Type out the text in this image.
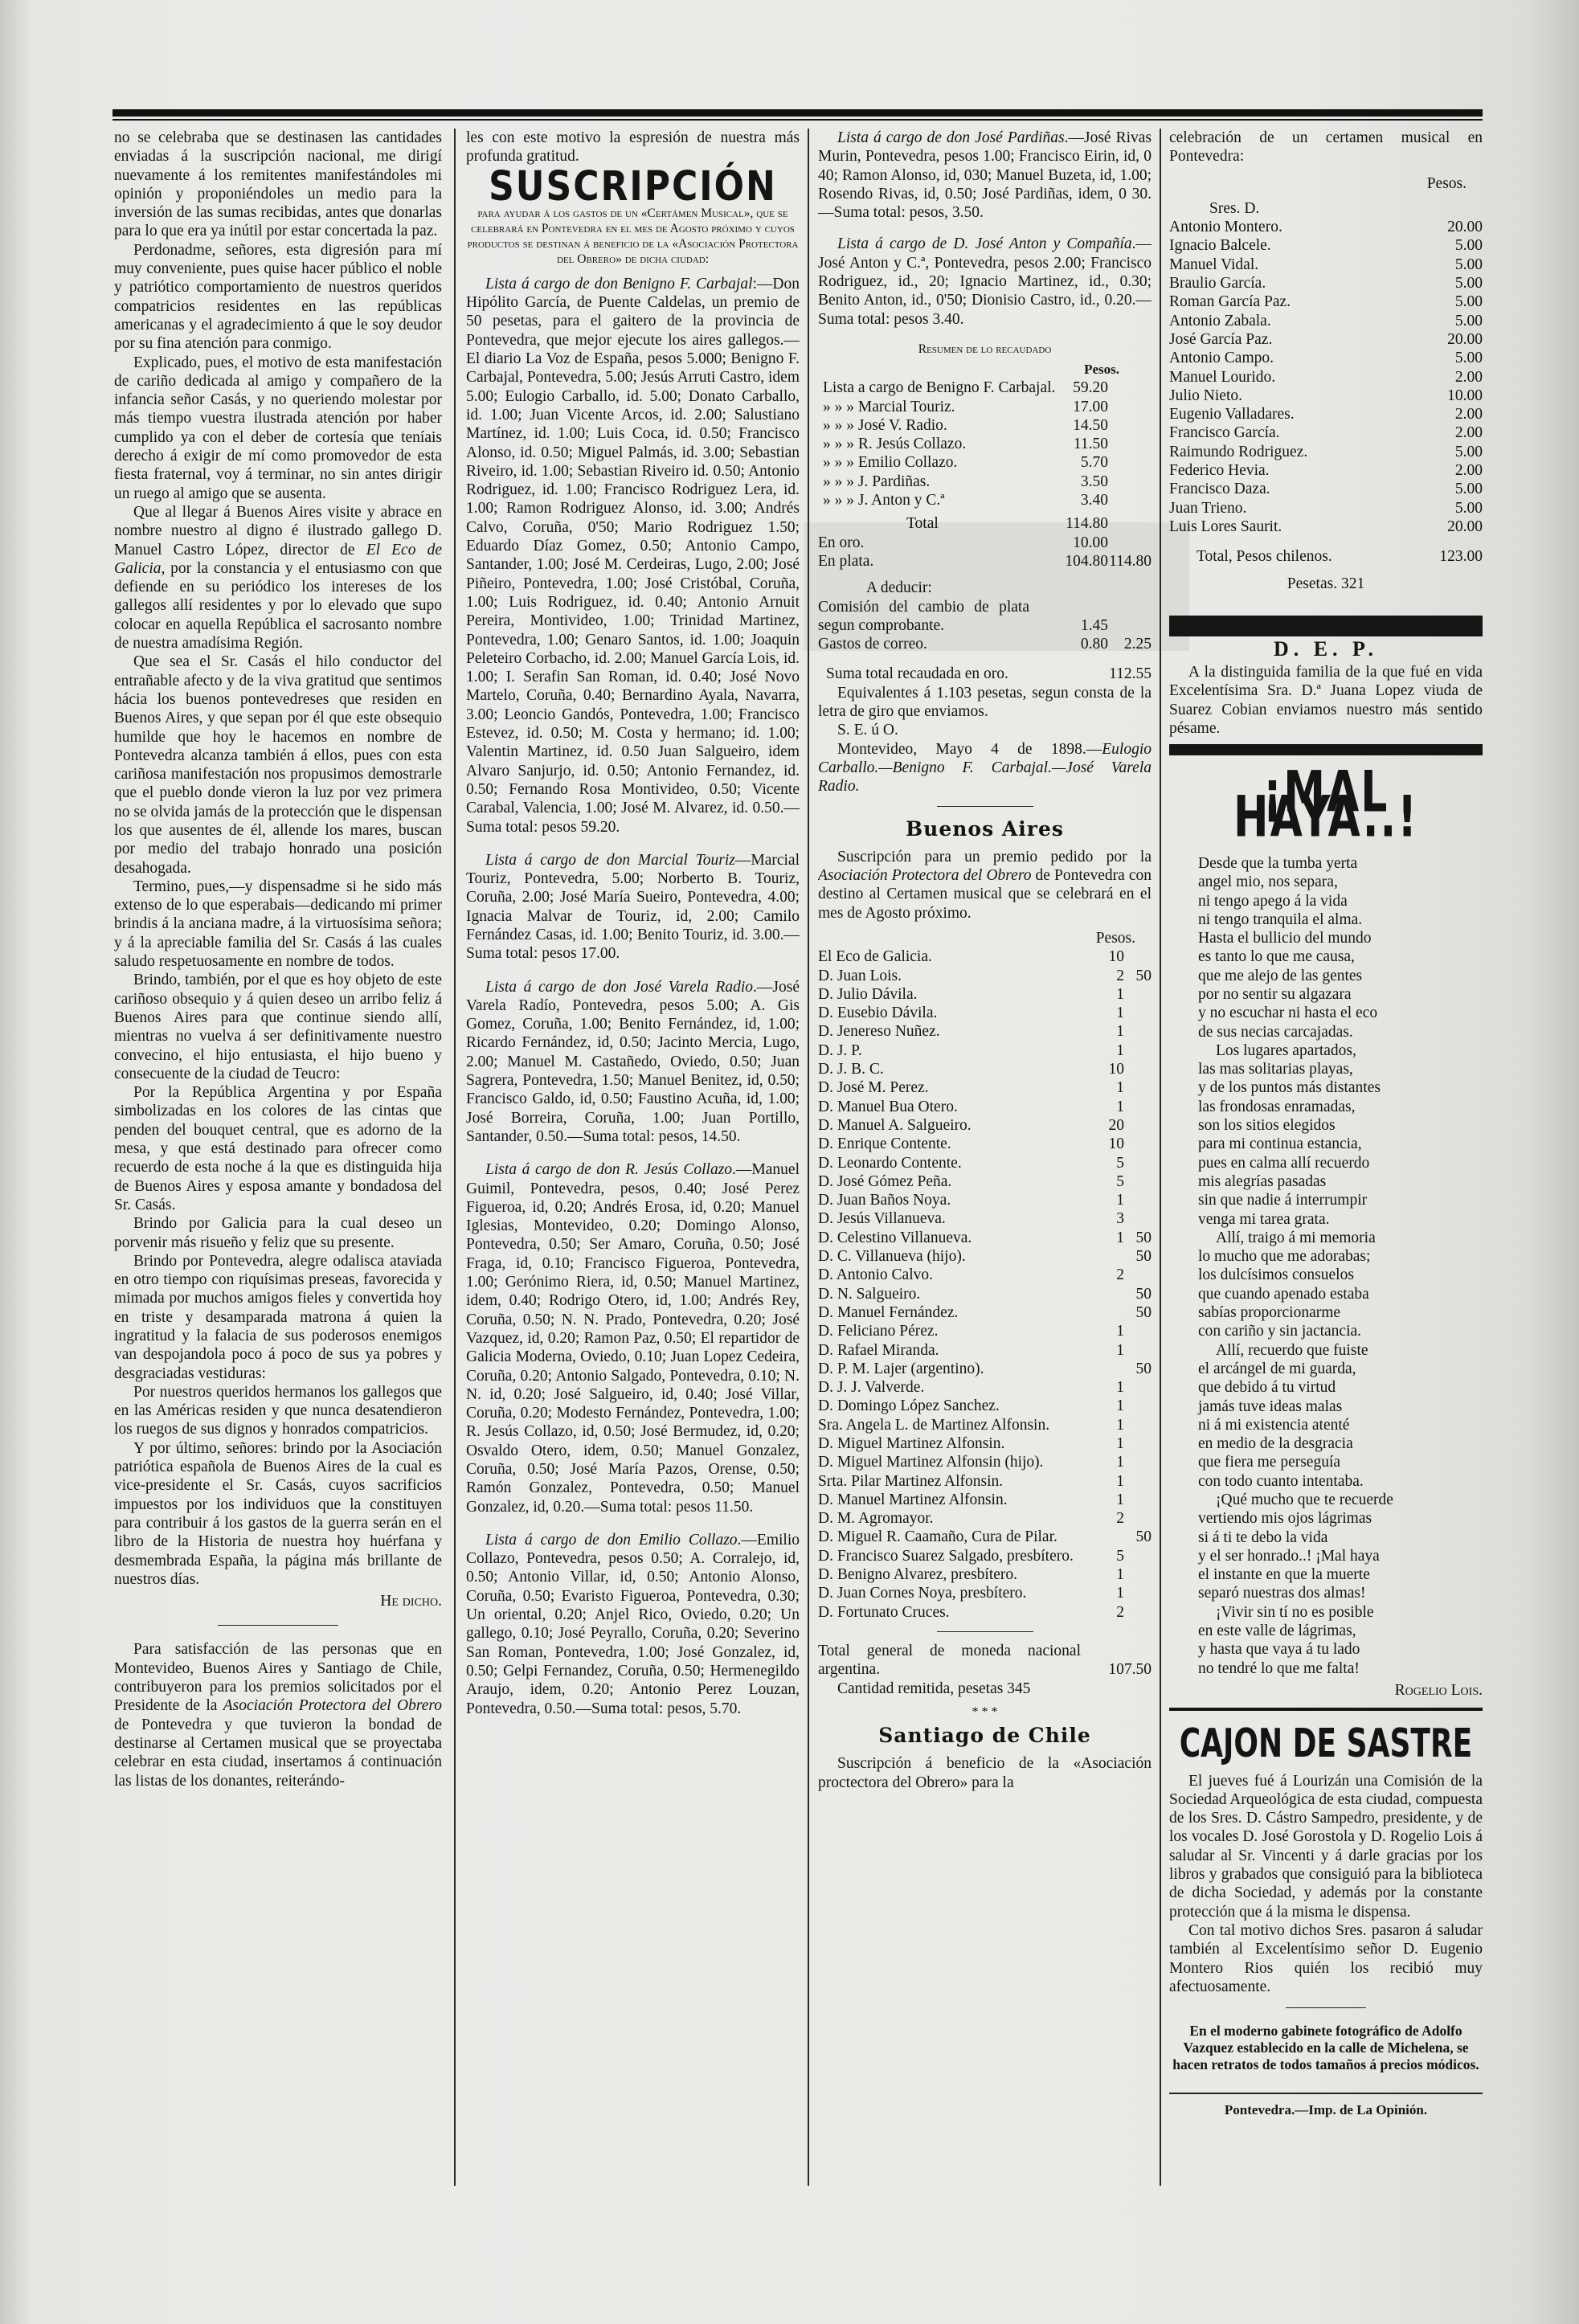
no se celebraba que se destinasen las cantidades enviadas á la suscripción nacional, me dirigí nuevamente á los remitentes manifestándoles mi opinión y proponiéndoles un medio para la inversión de las sumas recibidas, antes que donarlas para lo que era ya inútil por estar concertada la paz.

Perdonadme, señores, esta digresión para mí muy conveniente, pues quise hacer público el noble y patriótico comportamiento de nuestros queridos compatricios residentes en las repúblicas americanas y el agradecimiento á que le soy deudor por su fina atención para conmigo.

Explicado, pues, el motivo de esta manifestación de cariño dedicada al amigo y compañero de la infancia señor Casás, y no queriendo molestar por más tiempo vuestra ilustrada atención por haber cumplido ya con el deber de cortesía que teníais derecho á exigir de mí como promovedor de esta fiesta fraternal, voy á terminar, no sin antes dirigir un ruego al amigo que se ausenta.

Que al llegar á Buenos Aires visite y abrace en nombre nuestro al digno é ilustrado gallego D. Manuel Castro López, director de El Eco de Galicia, por la constancia y el entusiasmo con que defiende en su periódico los intereses de los gallegos allí residentes y por lo elevado que supo colocar en aquella República el sacrosanto nombre de nuestra amadísima Región.

Que sea el Sr. Casás el hilo conductor del entrañable afecto y de la viva gratitud que sentimos hácia los buenos pontevedreses que residen en Buenos Aires, y que sepan por él que este obsequio humilde que hoy le hacemos en nombre de Pontevedra alcanza también á ellos, pues con esta cariñosa manifestación nos propusimos demostrarle que el pueblo donde vieron la luz por vez primera no se olvida jamás de la protección que le dispensan los que ausentes de él, allende los mares, buscan por medio del trabajo honrado una posición desahogada.

Termino, pues,—y dispensadme si he sido más extenso de lo que esperabais—dedicando mi primer brindis á la anciana madre, á la virtuosísima señora; y á la apreciable familia del Sr. Casás á las cuales saludo respetuosamente en nombre de todos.

Brindo, también, por el que es hoy objeto de este cariñoso obsequio y á quien deseo un arribo feliz á Buenos Aires para que continue siendo allí, mientras no vuelva á ser definitivamente nuestro convecino, el hijo entusiasta, el hijo bueno y consecuente de la ciudad de Teucro:

Por la República Argentina y por España simbolizadas en los colores de las cintas que penden del bouquet central, que es adorno de la mesa, y que está destinado para ofrecer como recuerdo de esta noche á la que es distinguida hija de Buenos Aires y esposa amante y bondadosa del Sr. Casás.

Brindo por Galicia para la cual deseo un porvenir más risueño y feliz que su presente.

Brindo por Pontevedra, alegre odalisca ataviada en otro tiempo con riquísimas preseas, favorecida y mimada por muchos amigos fieles y convertida hoy en triste y desamparada matrona á quien la ingratitud y la falacia de sus poderosos enemigos van despojandola poco á poco de sus ya pobres y desgraciadas vestiduras:

Por nuestros queridos hermanos los gallegos que en las Américas residen y que nunca desatendieron los ruegos de sus dignos y honrados compatricios.

Y por último, señores: brindo por la Asociación patriótica española de Buenos Aires de la cual es vice-presidente el Sr. Casás, cuyos sacrificios impuestos por los individuos que la constituyen para contribuir á los gastos de la guerra serán en el libro de la Historia de nuestra hoy huérfana y desmembrada España, la página más brillante de nuestros días.

He dicho.

Para satisfacción de las personas que en Montevideo, Buenos Aires y Santiago de Chile, contribuyeron para los premios solicitados por el Presidente de la Asociación Protectora del Obrero de Pontevedra y que tuvieron la bondad de destinarse al Certamen musical que se proyectaba celebrar en esta ciudad, insertamos á continuación las listas de los donantes, reiterándo-

les con este motivo la espresión de nuestra más profunda gratitud.

SUSCRIPCIÓN
para ayudar á los gastos de un «Certámen Musical», que se celebrará en Pontevedra en el mes de Agosto próximo y cuyos productos se destinan á beneficio de la «Asociación Protectora del Obrero» de dicha ciudad:

Lista á cargo de don Benigno F. Carbajal:—Don Hipólito García, de Puente Caldelas, un premio de 50 pesetas, para el gaitero de la provincia de Pontevedra, que mejor ejecute los aires gallegos.—El diario La Voz de España, pesos 5.000; Benigno F. Carbajal, Pontevedra, 5.00; Jesús Arruti Castro, idem 5.00; Eulogio Carballo, id. 5.00; Donato Carballo, id. 1.00; Juan Vicente Arcos, id. 2.00; Salustiano Martínez, id. 1.00; Luis Coca, id. 0.50; Francisco Alonso, id. 0.50; Miguel Palmás, id. 3.00; Sebastian Riveiro, id. 1.00; Sebastian Riveiro id. 0.50; Antonio Rodriguez, id. 1.00; Francisco Rodriguez Lera, id. 1.00; Ramon Rodriguez Alonso, id. 3.00; Andrés Calvo, Coruña, 0'50; Mario Rodriguez 1.50; Eduardo Díaz Gomez, 0.50; Antonio Campo, Santander, 1.00; José M. Cerdeiras, Lugo, 2.00; José Piñeiro, Pontevedra, 1.00; José Cristóbal, Coruña, 1.00; Luis Rodriguez, id. 0.40; Antonio Arnuit Pereira, Montivideo, 1.00; Trinidad Martinez, Pontevedra, 1.00; Genaro Santos, id. 1.00; Joaquin Peleteiro Corbacho, id. 2.00; Manuel García Lois, id. 1.00; I. Serafin San Roman, id. 0.40; José Novo Martelo, Coruña, 0.40; Bernardino Ayala, Navarra, 3.00; Leoncio Gandós, Pontevedra, 1.00; Francisco Estevez, id. 0.50; M. Costa y hermano; id. 1.00; Valentin Martinez, id. 0.50 Juan Salgueiro, idem Alvaro Sanjurjo, id. 0.50; Antonio Fernandez, id. 0.50; Fernando Rosa Montivideo, 0.50; Vicente Carabal, Valencia, 1.00; José M. Alvarez, id. 0.50.—Suma total: pesos 59.20.

Lista á cargo de don Marcial Touriz—Marcial Touriz, Pontevedra, 5.00; Norberto B. Touriz, Coruña, 2.00; José María Sueiro, Pontevedra, 4.00; Ignacia Malvar de Touriz, id, 2.00; Camilo Fernández Casas, id. 1.00; Benito Touriz, id. 3.00.—Suma total: pesos 17.00.

Lista á cargo de don José Varela Radio.—José Varela Radío, Pontevedra, pesos 5.00; A. Gis Gomez, Coruña, 1.00; Benito Fernández, id, 1.00; Ricardo Fernández, id, 0.50; Jacinto Mercia, Lugo, 2.00; Manuel M. Castañedo, Oviedo, 0.50; Juan Sagrera, Pontevedra, 1.50; Manuel Benitez, id, 0.50; Francisco Galdo, id, 0.50; Faustino Acuña, id, 1.00; José Borreira, Coruña, 1.00; Juan Portillo, Santander, 0.50.—Suma total: pesos, 14.50.

Lista á cargo de don R. Jesús Collazo.—Manuel Guimil, Pontevedra, pesos, 0.40; José Perez Figueroa, id, 0.20; Andrés Erosa, id, 0.20; Manuel Iglesias, Montevideo, 0.20; Domingo Alonso, Pontevedra, 0.50; Ser Amaro, Coruña, 0.50; José Fraga, id, 0.10; Francisco Figueroa, Pontevedra, 1.00; Gerónimo Riera, id, 0.50; Manuel Martinez, idem, 0.40; Rodrigo Otero, id, 1.00; Andrés Rey, Coruña, 0.50; N. N. Prado, Pontevedra, 0.20; José Vazquez, id, 0.20; Ramon Paz, 0.50; El repartidor de Galicia Moderna, Oviedo, 0.10; Juan Lopez Cedeira, Coruña, 0.20; Antonio Salgado, Pontevedra, 0.10; N. N. id, 0.20; José Salgueiro, id, 0.40; José Villar, Coruña, 0.20; Modesto Fernández, Pontevedra, 1.00; R. Jesús Collazo, id, 0.50; José Bermudez, id, 0.20; Osvaldo Otero, idem, 0.50; Manuel Gonzalez, Coruña, 0.50; José María Pazos, Orense, 0.50; Ramón Gonzalez, Pontevedra, 0.50; Manuel Gonzalez, id, 0.20.—Suma total: pesos 11.50.

Lista á cargo de don Emilio Collazo.—Emilio Collazo, Pontevedra, pesos 0.50; A. Corralejo, id, 0.50; Antonio Villar, id, 0.50; Antonio Alonso, Coruña, 0.50; Evaristo Figueroa, Pontevedra, 0.30; Un oriental, 0.20; Anjel Rico, Oviedo, 0.20; Un gallego, 0.10; José Peyrallo, Coruña, 0.20; Severino San Roman, Pontevedra, 1.00; José Gonzalez, id, 0.50; Gelpi Fernandez, Coruña, 0.50; Hermenegildo Araujo, idem, 0.20; Antonio Perez Louzan, Pontevedra, 0.50.—Suma total: pesos, 5.70.

Lista á cargo de don José Pardiñas.—José Rivas Murin, Pontevedra, pesos 1.00; Francisco Eirin, id, 0 40; Ramon Alonso, id, 030; Manuel Buzeta, id, 1.00; Rosendo Rivas, id, 0.50; José Pardiñas, idem, 0 30.—Suma total: pesos, 3.50.

Lista á cargo de D. José Anton y Compañía.—José Anton y C.ª, Pontevedra, pesos 2.00; Francisco Rodriguez, id., 20; Ignacio Martinez, id., 0.30; Benito Anton, id., 0'50; Dionisio Castro, id., 0.20.—Suma total: pesos 3.40.

Resumen de lo recaudado
Pesos.
Lista a cargo de Benigno F. Carbajal.	59.20	
» » » Marcial Touriz.	17.00	
» » » José V. Radio.	14.50	
» » » R. Jesús Collazo.	11.50	
» » » Emilio Collazo.	5.70	
» » » J. Pardiñas.	3.50	
» » » J. Anton y C.ª	3.40	
Total	114.80	
En oro.	10.00	
En plata.	104.80	114.80
A deducir:
Comisión del cambio de plata segun comprobante.	1.45	
Gastos de correo.	0.80	2.25
Suma total recaudada en oro.	112.55

Equivalentes á 1.103 pesetas, segun consta de la letra de giro que enviamos.

S. E. ú O.

Montevideo, Mayo 4 de 1898.—Eulogio Carballo.—Benigno F. Carbajal.—José Varela Radio.

Buenos Aires

Suscripción para un premio pedido por la Asociación Protectora del Obrero de Pontevedra con destino al Certamen musical que se celebrará en el mes de Agosto próximo.

Pesos.
El Eco de Galicia.	10	
D. Juan Lois.	2	50
D. Julio Dávila.	1	
D. Eusebio Dávila.	1	
D. Jenereso Nuñez.	1	
D. J. P.	1	
D. J. B. C.	10	
D. José M. Perez.	1	
D. Manuel Bua Otero.	1	
D. Manuel A. Salgueiro.	20	
D. Enrique Contente.	10	
D. Leonardo Contente.	5	
D. José Gómez Peña.	5	
D. Juan Baños Noya.	1	
D. Jesús Villanueva.	3	
D. Celestino Villanueva.	1	50
D. C. Villanueva (hijo).		50
D. Antonio Calvo.	2	
D. N. Salgueiro.		50
D. Manuel Fernández.		50
D. Feliciano Pérez.	1	
D. Rafael Miranda.	1	
D. P. M. Lajer (argentino).		50
D. J. J. Valverde.	1	
D. Domingo López Sanchez.	1	
Sra. Angela L. de Martinez Alfonsin.	1	
D. Miguel Martinez Alfonsin.	1	
D. Miguel Martinez Alfonsin (hijo).	1	
Srta. Pilar Martinez Alfonsin.	1	
D. Manuel Martinez Alfonsin.	1	
D. M. Agromayor.	2	
D. Miguel R. Caamaño, Cura de Pilar.		50
D. Francisco Suarez Salgado, presbítero.	5	
D. Benigno Alvarez, presbítero.	1	
D. Juan Cornes Noya, presbítero.	1	
D. Fortunato Cruces.	2	
Total general de moneda nacional argentina.	107.50

Cantidad remitida, pesetas 345

* * *
Santiago de Chile

Suscripción á beneficio de la «Asociación proctectora del Obrero» para la

celebración de un certamen musical en Pontevedra:

Pesos.
Sres. D.
Antonio Montero.	20.00
Ignacio Balcele.	5.00
Manuel Vidal.	5.00
Braulio García.	5.00
Roman García Paz.	5.00
Antonio Zabala.	5.00
José García Paz.	20.00
Antonio Campo.	5.00
Manuel Lourido.	2.00
Julio Nieto.	10.00
Eugenio Valladares.	2.00
Francisco García.	2.00
Raimundo Rodriguez.	5.00
Federico Hevia.	2.00
Francisco Daza.	5.00
Juan Trieno.	5.00
Luis Lores Saurit.	20.00
Total, Pesos chilenos.	123.00
Pesetas. 321
D. E. P.

A la distinguida familia de la que fué en vida Excelentísima Sra. D.ª Juana Lopez viuda de Suarez Cobian enviamos nuestro más sentido pésame.

¡MAL HAYA..!
Desde que la tumba yerta
angel mio, nos separa,
ni tengo apego á la vida
ni tengo tranquila el alma.
Hasta el bullicio del mundo
es tanto lo que me causa,
que me alejo de las gentes
por no sentir su algazara
y no escuchar ni hasta el eco
de sus necias carcajadas.
Los lugares apartados,
las mas solitarias playas,
y de los puntos más distantes
las frondosas enramadas,
son los sitios elegidos
para mi continua estancia,
pues en calma allí recuerdo
mis alegrías pasadas
sin que nadie á interrumpir
venga mi tarea grata.
Allí, traigo á mi memoria
lo mucho que me adorabas;
los dulcísimos consuelos
que cuando apenado estaba
sabías proporcionarme
con cariño y sin jactancia.
Allí, recuerdo que fuiste
el arcángel de mi guarda,
que debido á tu virtud
jamás tuve ideas malas
ni á mi existencia atenté
en medio de la desgracia
que fiera me perseguía
con todo cuanto intentaba.
¡Qué mucho que te recuerde
vertiendo mis ojos lágrimas
si á ti te debo la vida
y el ser honrado..! ¡Mal haya
el instante en que la muerte
separó nuestras dos almas!
¡Vivir sin tí no es posible
en este valle de lágrimas,
y hasta que vaya á tu lado
no tendré lo que me falta!
Rogelio Lois.
CAJON DE SASTRE

El jueves fué á Lourizán una Comisión de la Sociedad Arqueológica de esta ciudad, compuesta de los Sres. D. Cástro Sampedro, presidente, y de los vocales D. José Gorostola y D. Rogelio Lois á saludar al Sr. Vincenti y á darle gracias por los libros y grabados que consiguió para la biblioteca de dicha Sociedad, y además por la constante protección que á la misma le dispensa.

Con tal motivo dichos Sres. pasaron á saludar también al Excelentísimo señor D. Eugenio Montero Rios quién los recibió muy afectuosamente.

En el moderno gabinete fotográfico de Adolfo Vazquez establecido en la calle de Michelena, se hacen retratos de todos tamaños á precios módicos.
Pontevedra.—Imp. de La Opinión.
